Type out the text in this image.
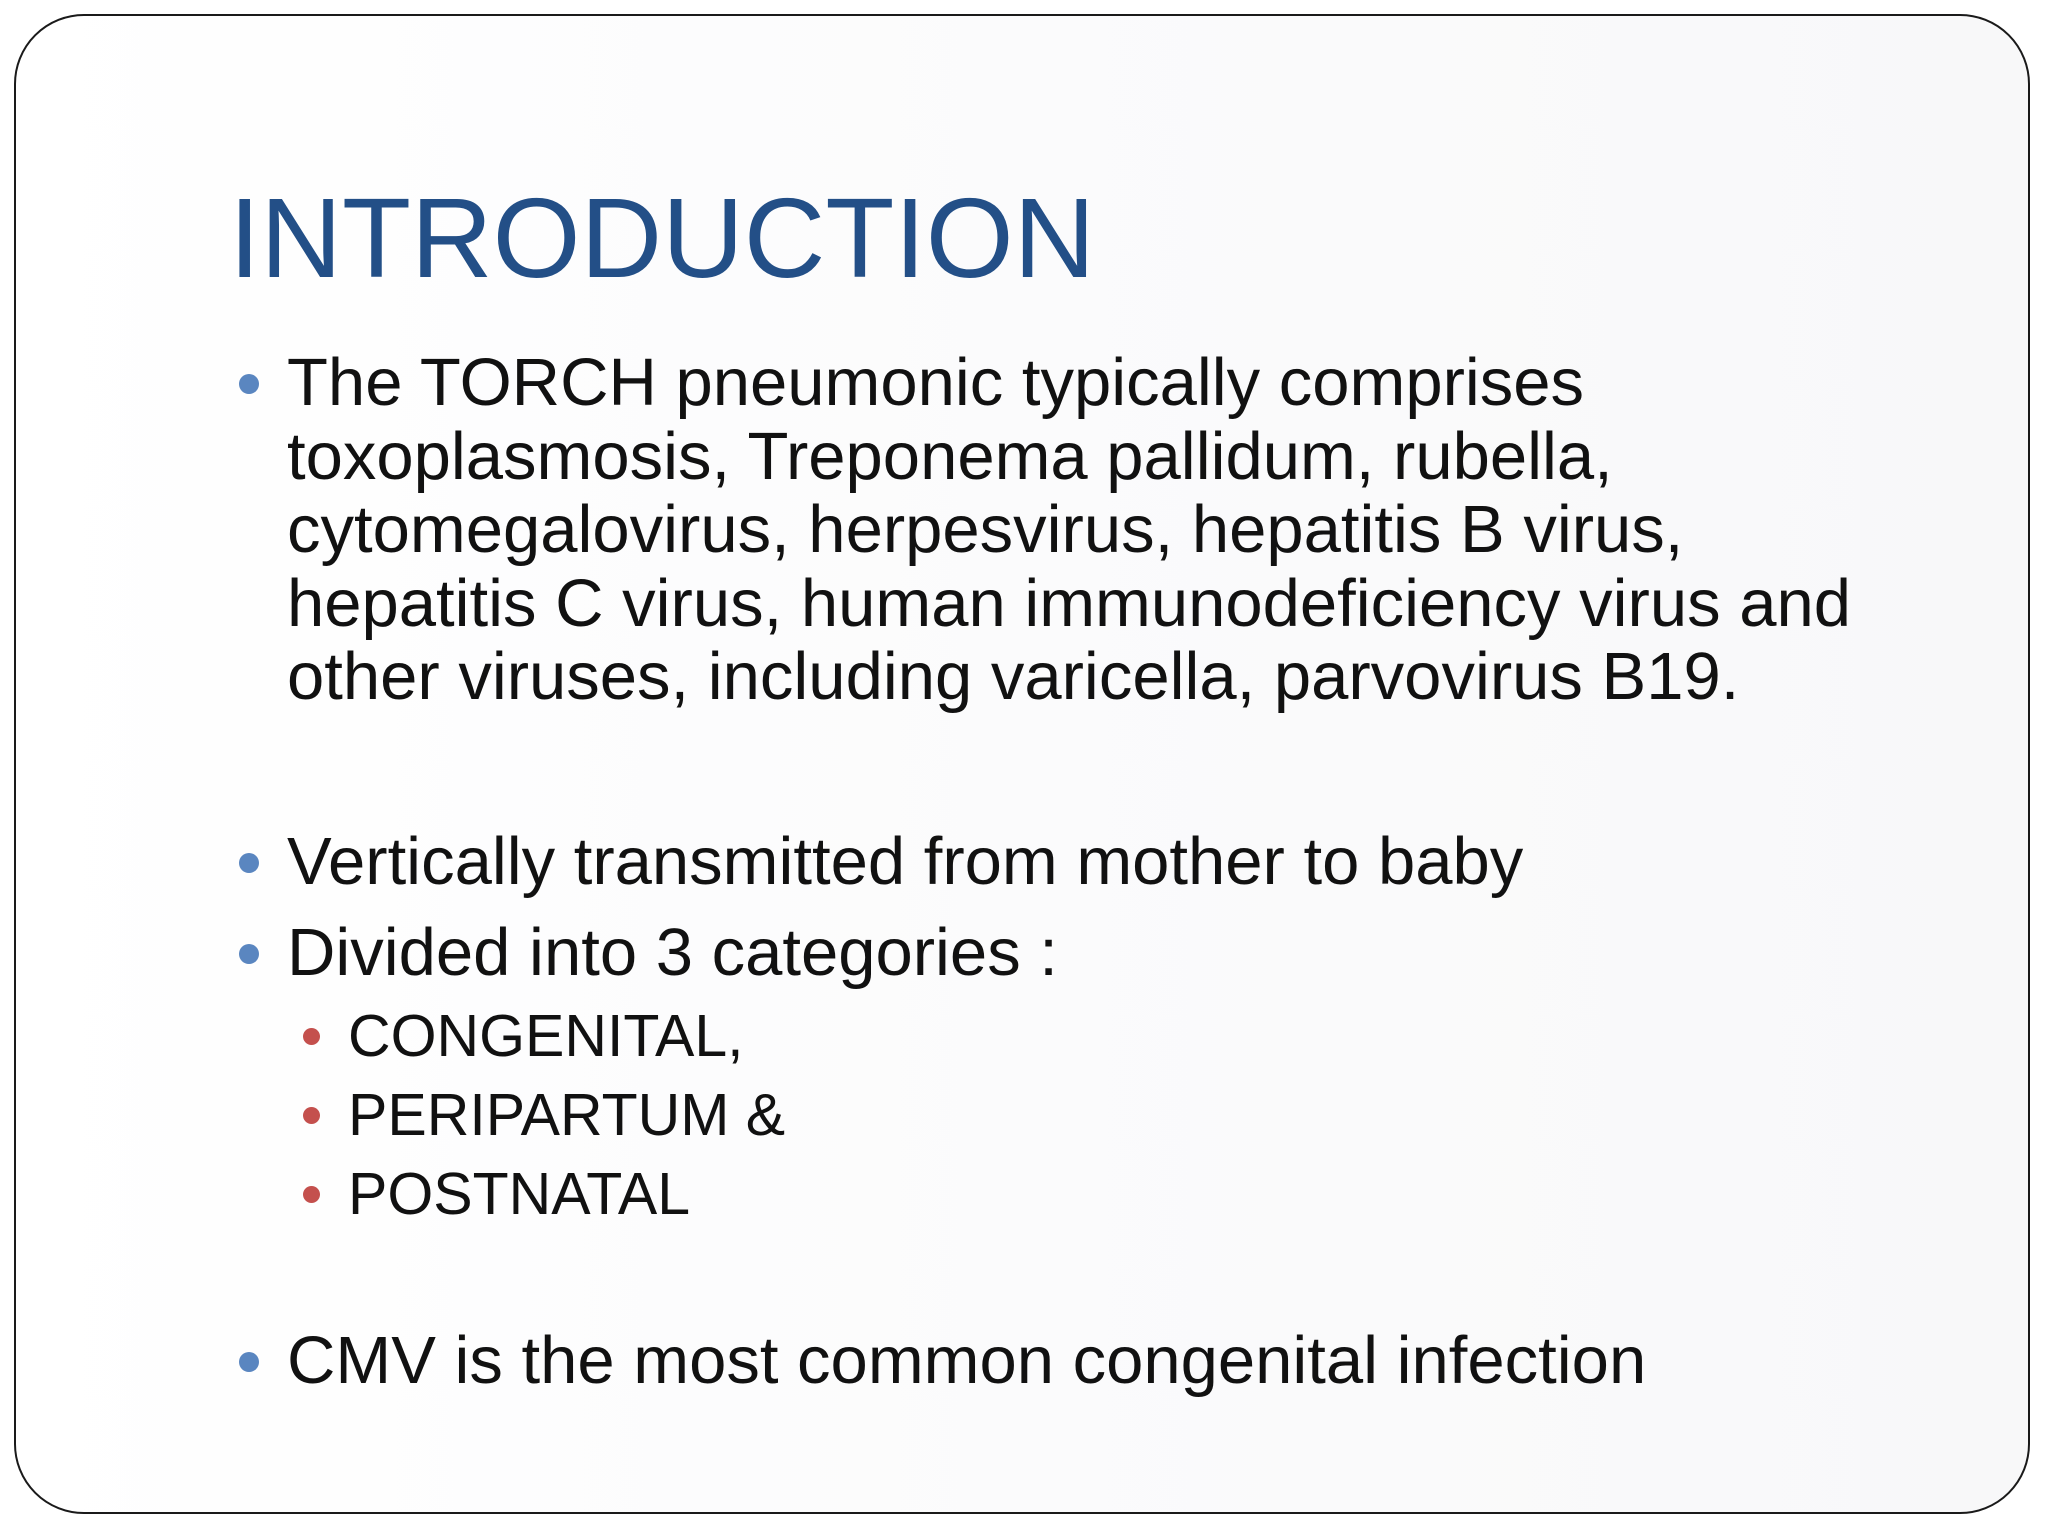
INTRODUCTION
The TORCH pneumonic typically comprises toxoplasmosis, Treponema pallidum, rubella, cytomegalovirus, herpesvirus, hepatitis B virus, hepatitis C virus, human immunodeficiency virus and other viruses, including varicella, parvovirus B19.
Vertically transmitted from mother to baby
Divided into 3 categories :
CONGENITAL,
PERIPARTUM &
POSTNATAL
CMV is the most common congenital infection
